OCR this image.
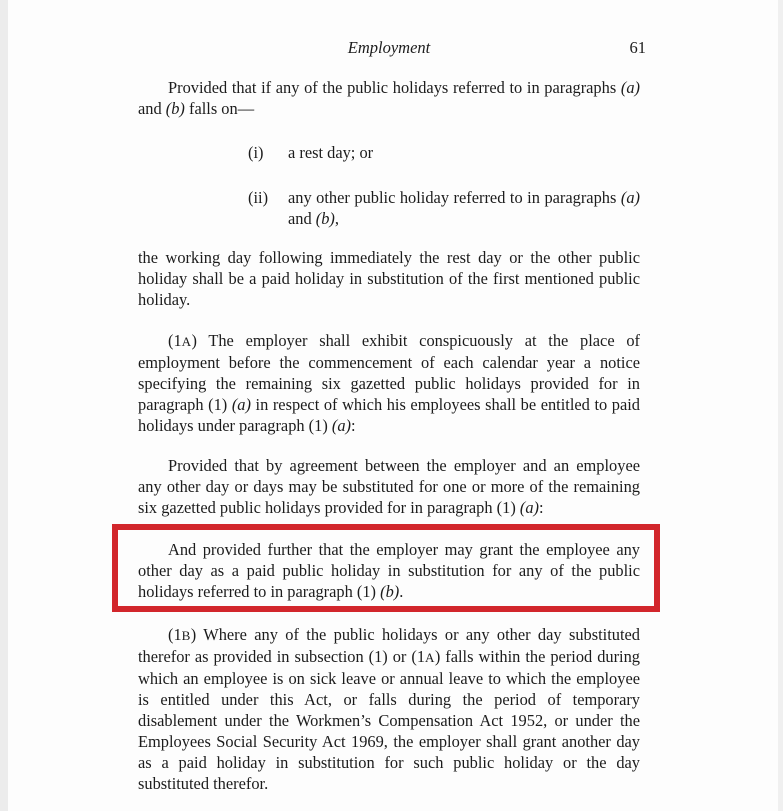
Employment	61

Provided that if any of the public holidays referred to in paragraphs (a) and (b) falls on—

(i)	a rest day; or
(ii)	any other public holiday referred to in paragraphs (a) and (b),

the working day following immediately the rest day or the other public holiday shall be a paid holiday in substitution of the first mentioned public holiday.

(1A) The employer shall exhibit conspicuously at the place of employment before the commencement of each calendar year a notice specifying the remaining six gazetted public holidays provided for in paragraph (1) (a) in respect of which his employees shall be entitled to paid holidays under paragraph (1) (a):

Provided that by agreement between the employer and an employee any other day or days may be substituted for one or more of the remaining six gazetted public holidays provided for in paragraph (1) (a):

And provided further that the employer may grant the employee any other day as a paid public holiday in substitution for any of the public holidays referred to in paragraph (1) (b).

(1B) Where any of the public holidays or any other day substituted therefor as provided in subsection (1) or (1A) falls within the period during which an employee is on sick leave or annual leave to which the employee is entitled under this Act, or falls during the period of temporary disablement under the Workmen’s Compensation Act 1952, or under the Employees Social Security Act 1969, the employer shall grant another day as a paid holiday in substitution for such public holiday or the day substituted therefor.
